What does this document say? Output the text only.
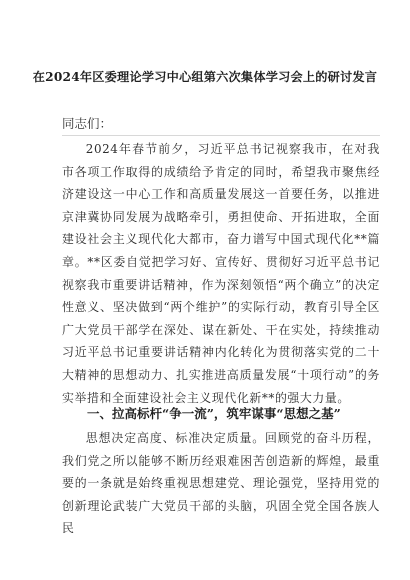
在2024年区委理论学习中心组第六次集体学习会上的研讨发言
同志们：
2024年春节前夕，习近平总书记视察我市，在对我市各项工作取得的成绩给予肯定的同时，希望我市聚焦经济建设这一中心工作和高质量发展这一首要任务，以推进京津冀协同发展为战略牵引，勇担使命、开拓进取，全面建设社会主义现代化大都市，奋力谱写中国式现代化**篇章。**区委自觉把学习好、宣传好、贯彻好习近平总书记视察我市重要讲话精神，作为深刻领悟“两个确立”的决定性意义、坚决做到“两个维护”的实际行动，教育引导全区广大党员干部学在深处、谋在新处、干在实处，持续推动习近平总书记重要讲话精神内化转化为贯彻落实党的二十大精神的思想动力、扎实推进高质量发展“十项行动”的务实举措和全面建设社会主义现代化新**的强大力量。
一、拉高标杆“争一流”，筑牢谋事“思想之基”
思想决定高度、标准决定质量。回顾党的奋斗历程，我们党之所以能够不断历经艰难困苦创造新的辉煌，最重要的一条就是始终重视思想建党、理论强党，坚持用党的创新理论武装广大党员干部的头脑，巩固全党全国各族人民
